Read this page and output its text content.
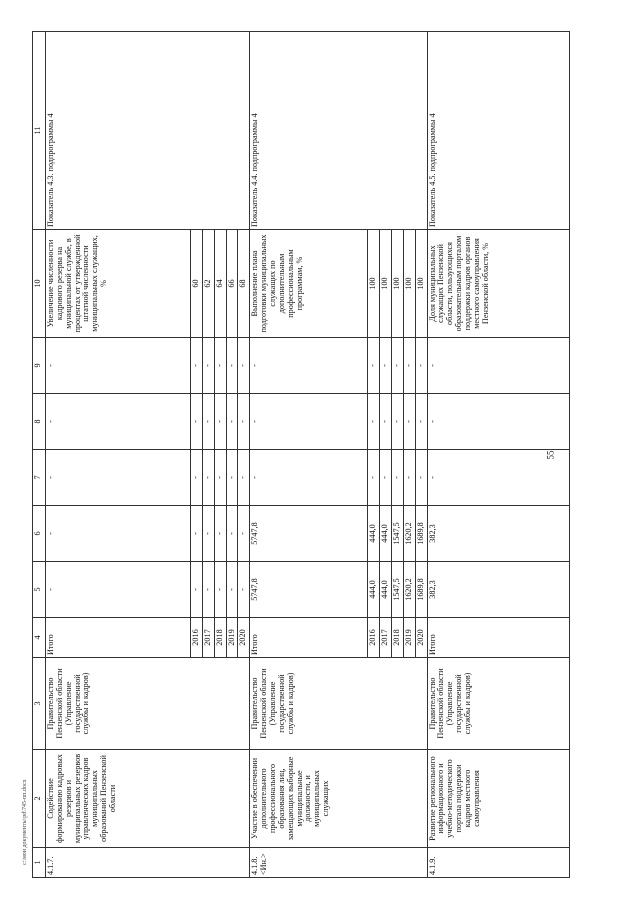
55
c:\мои документы\pd\745-пп.docx 1	2	3	4	5	6	7	8	9	10	11
4.1.7.	Содействие формированию кадровых резервов и муниципальных резервов управленческих кадров муниципальных образований Пензенской области	Правительство Пензенской области (Управление государственной службы и кадров)	Итого	-	-	-	-	-	Увеличение численности кадрового резерва на муниципальной службе, в процентах от утвержденной штатной численности муниципальных служащих, %	Показатель 4.3. подпрограммы 4
			2016	-	-	-	-	-	60	
			2017	-	-	-	-	-	62	
			2018	-	-	-	-	-	64	
			2019	-	-	-	-	-	66	
			2020	-	-	-	-	-	68	
4.1.8. <Ин.>	Участие в обеспечении дополнительного профессионального образования лиц, замещающих выборные муниципальные должности, и муниципальных служащих	Правительство Пензенской области (Управление государственной службы и кадров)	Итого	5747,8	5747,8	-	-	-	Выполнение плана подготовки муниципальных служащих по дополнительным профессиональным программам, %	Показатель 4.4. подпрограммы 4
			2016	444,0	444,0	-	-	-	100	
			2017	444,0	444,0	-	-	-	100	
			2018	1547,5	1547,5	-	-	-	100	
			2019	1620,2	1620,2	-	-	-	100	
			2020	1689,8	1689,8	-	-	-	100	
4.1.9.	Развитие регионального информационного и учебно-методического портала поддержки кадров местного самоуправления	Правительство Пензенской области (Управление государственной службы и кадров)	Итого	382,3	382,3	-	-	-	Доля муниципальных служащих Пензенской области, пользующихся образовательным порталом поддержки кадров органов местного самоуправления Пензенской области, %	Показатель 4.5. подпрограммы 4
